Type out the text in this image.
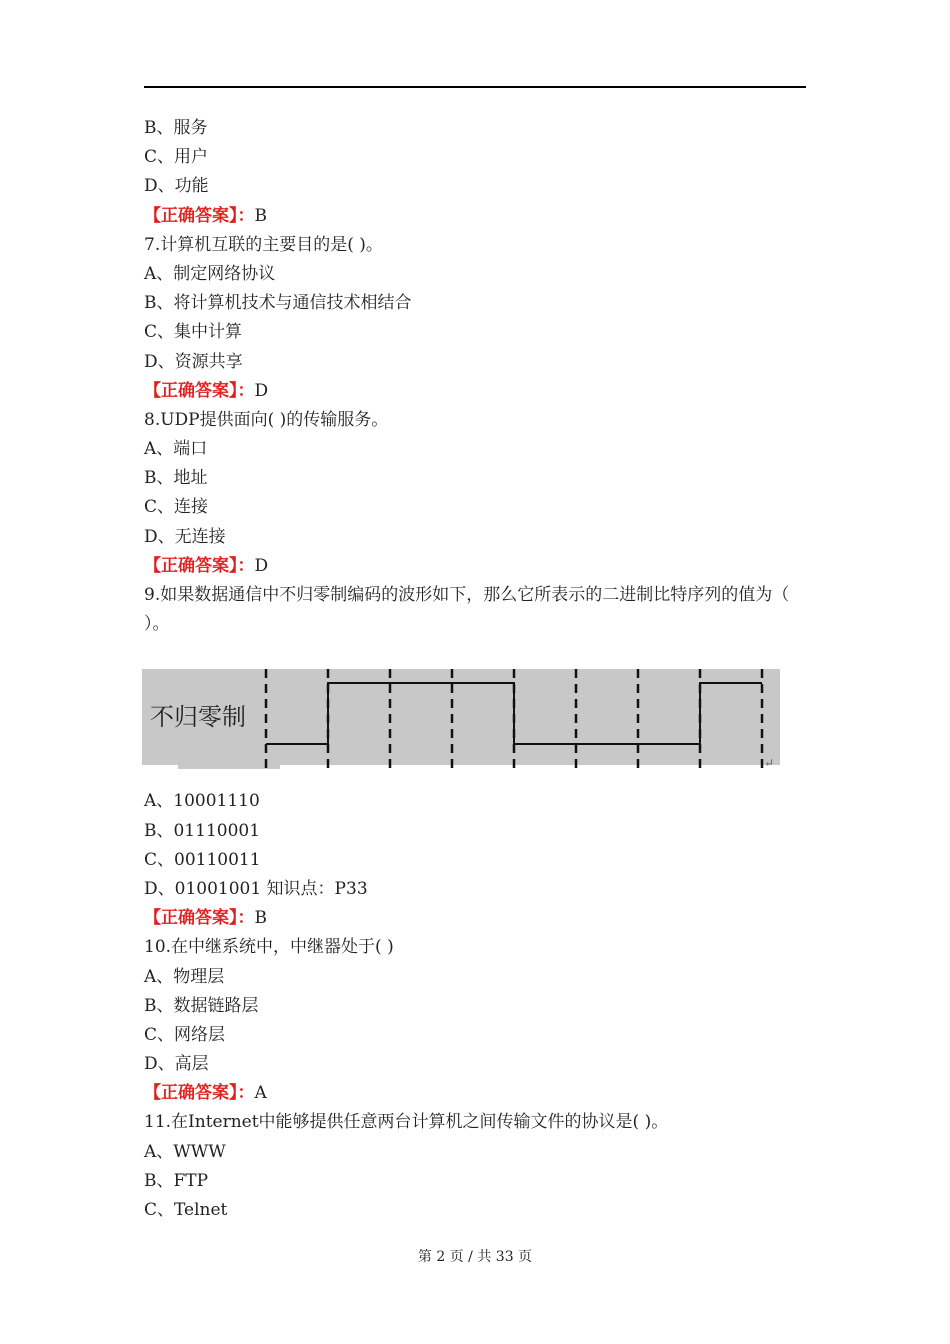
B、服务
C、用户
D、功能
【正确答案】：B
7.计算机互联的主要目的是( )。
A、制定网络协议
B、将计算机技术与通信技术相结合
C、集中计算
D、资源共享
【正确答案】：D
8.UDP提供面向( )的传输服务。
A、端口
B、地址
C、连接
D、无连接
【正确答案】：D
9.如果数据通信中不归零制编码的波形如下，那么它所表示的二进制比特序列的值为（ ）。
不归零制
↵
A、10001110
B、01110001
C、00110011
D、01001001 知识点：P33
【正确答案】：B
10.在中继系统中，中继器处于( )
A、物理层
B、数据链路层
C、网络层
D、高层
【正确答案】：A
11.在Internet中能够提供任意两台计算机之间传输文件的协议是( )。
A、WWW
B、FTP
C、Telnet
第 2 页 / 共 33 页
